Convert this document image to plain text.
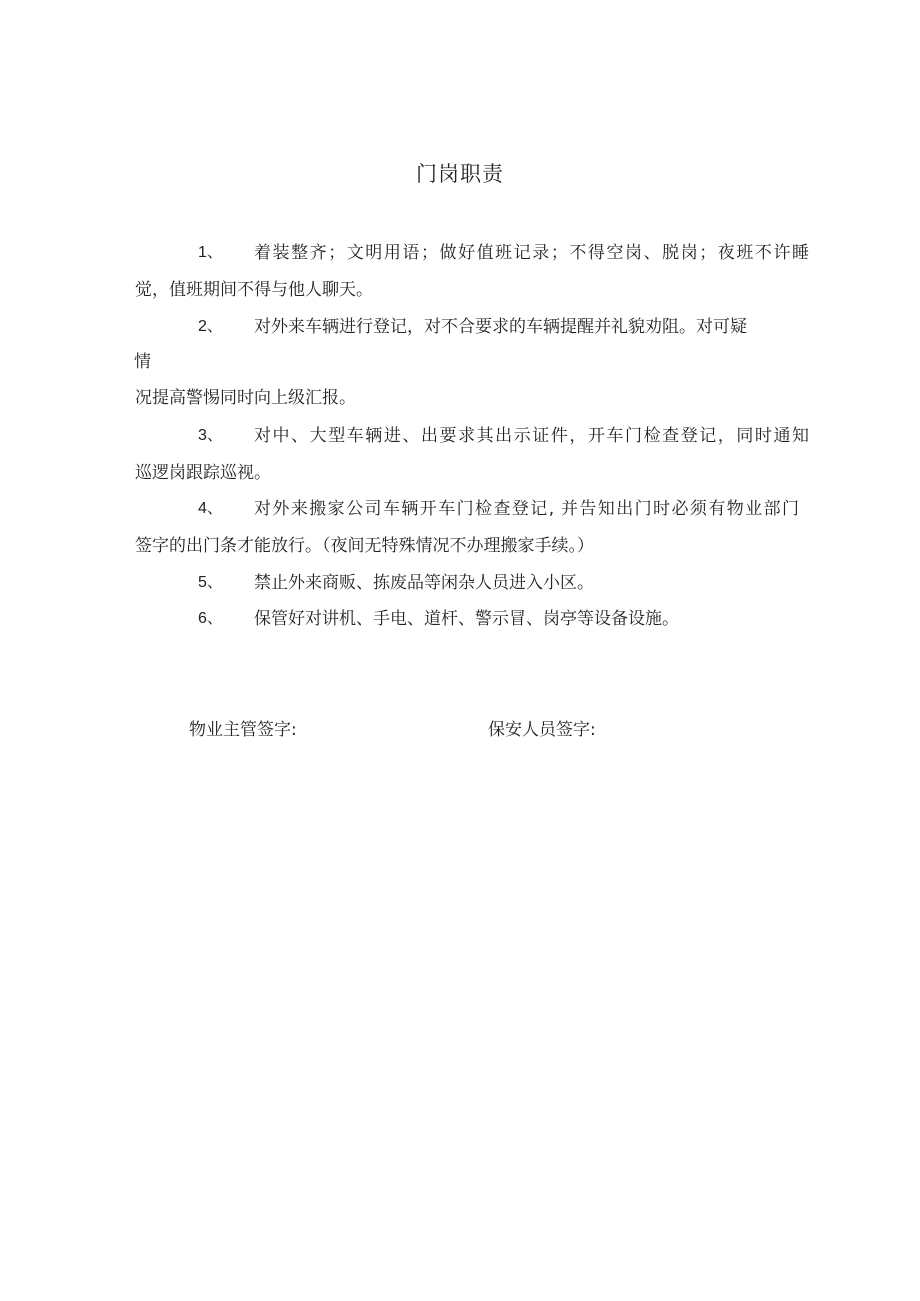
门岗职责
1、 着装整齐；文明用语；做好值班记录；不得空岗、脱岗；夜班不许睡
觉，值班期间不得与他人聊天。
2、 对外来车辆进行登记，对不合要求的车辆提醒并礼貌劝阻。对可疑
情
况提高警惕同时向上级汇报。
3、 对中、大型车辆进、出要求其出示证件，开车门检查登记，同时通知
巡逻岗跟踪巡视。
4、 对外来搬家公司车辆开车门检查登记, 并告知出门时必须有物业部门
签字的出门条才能放行。（夜间无特殊情况不办理搬家手续。）
5、 禁止外来商贩、拣废品等闲杂人员进入小区。
6、 保管好对讲机、手电、道杆、警示冒、岗亭等设备设施。
物业主管签字:	保安人员签字:
